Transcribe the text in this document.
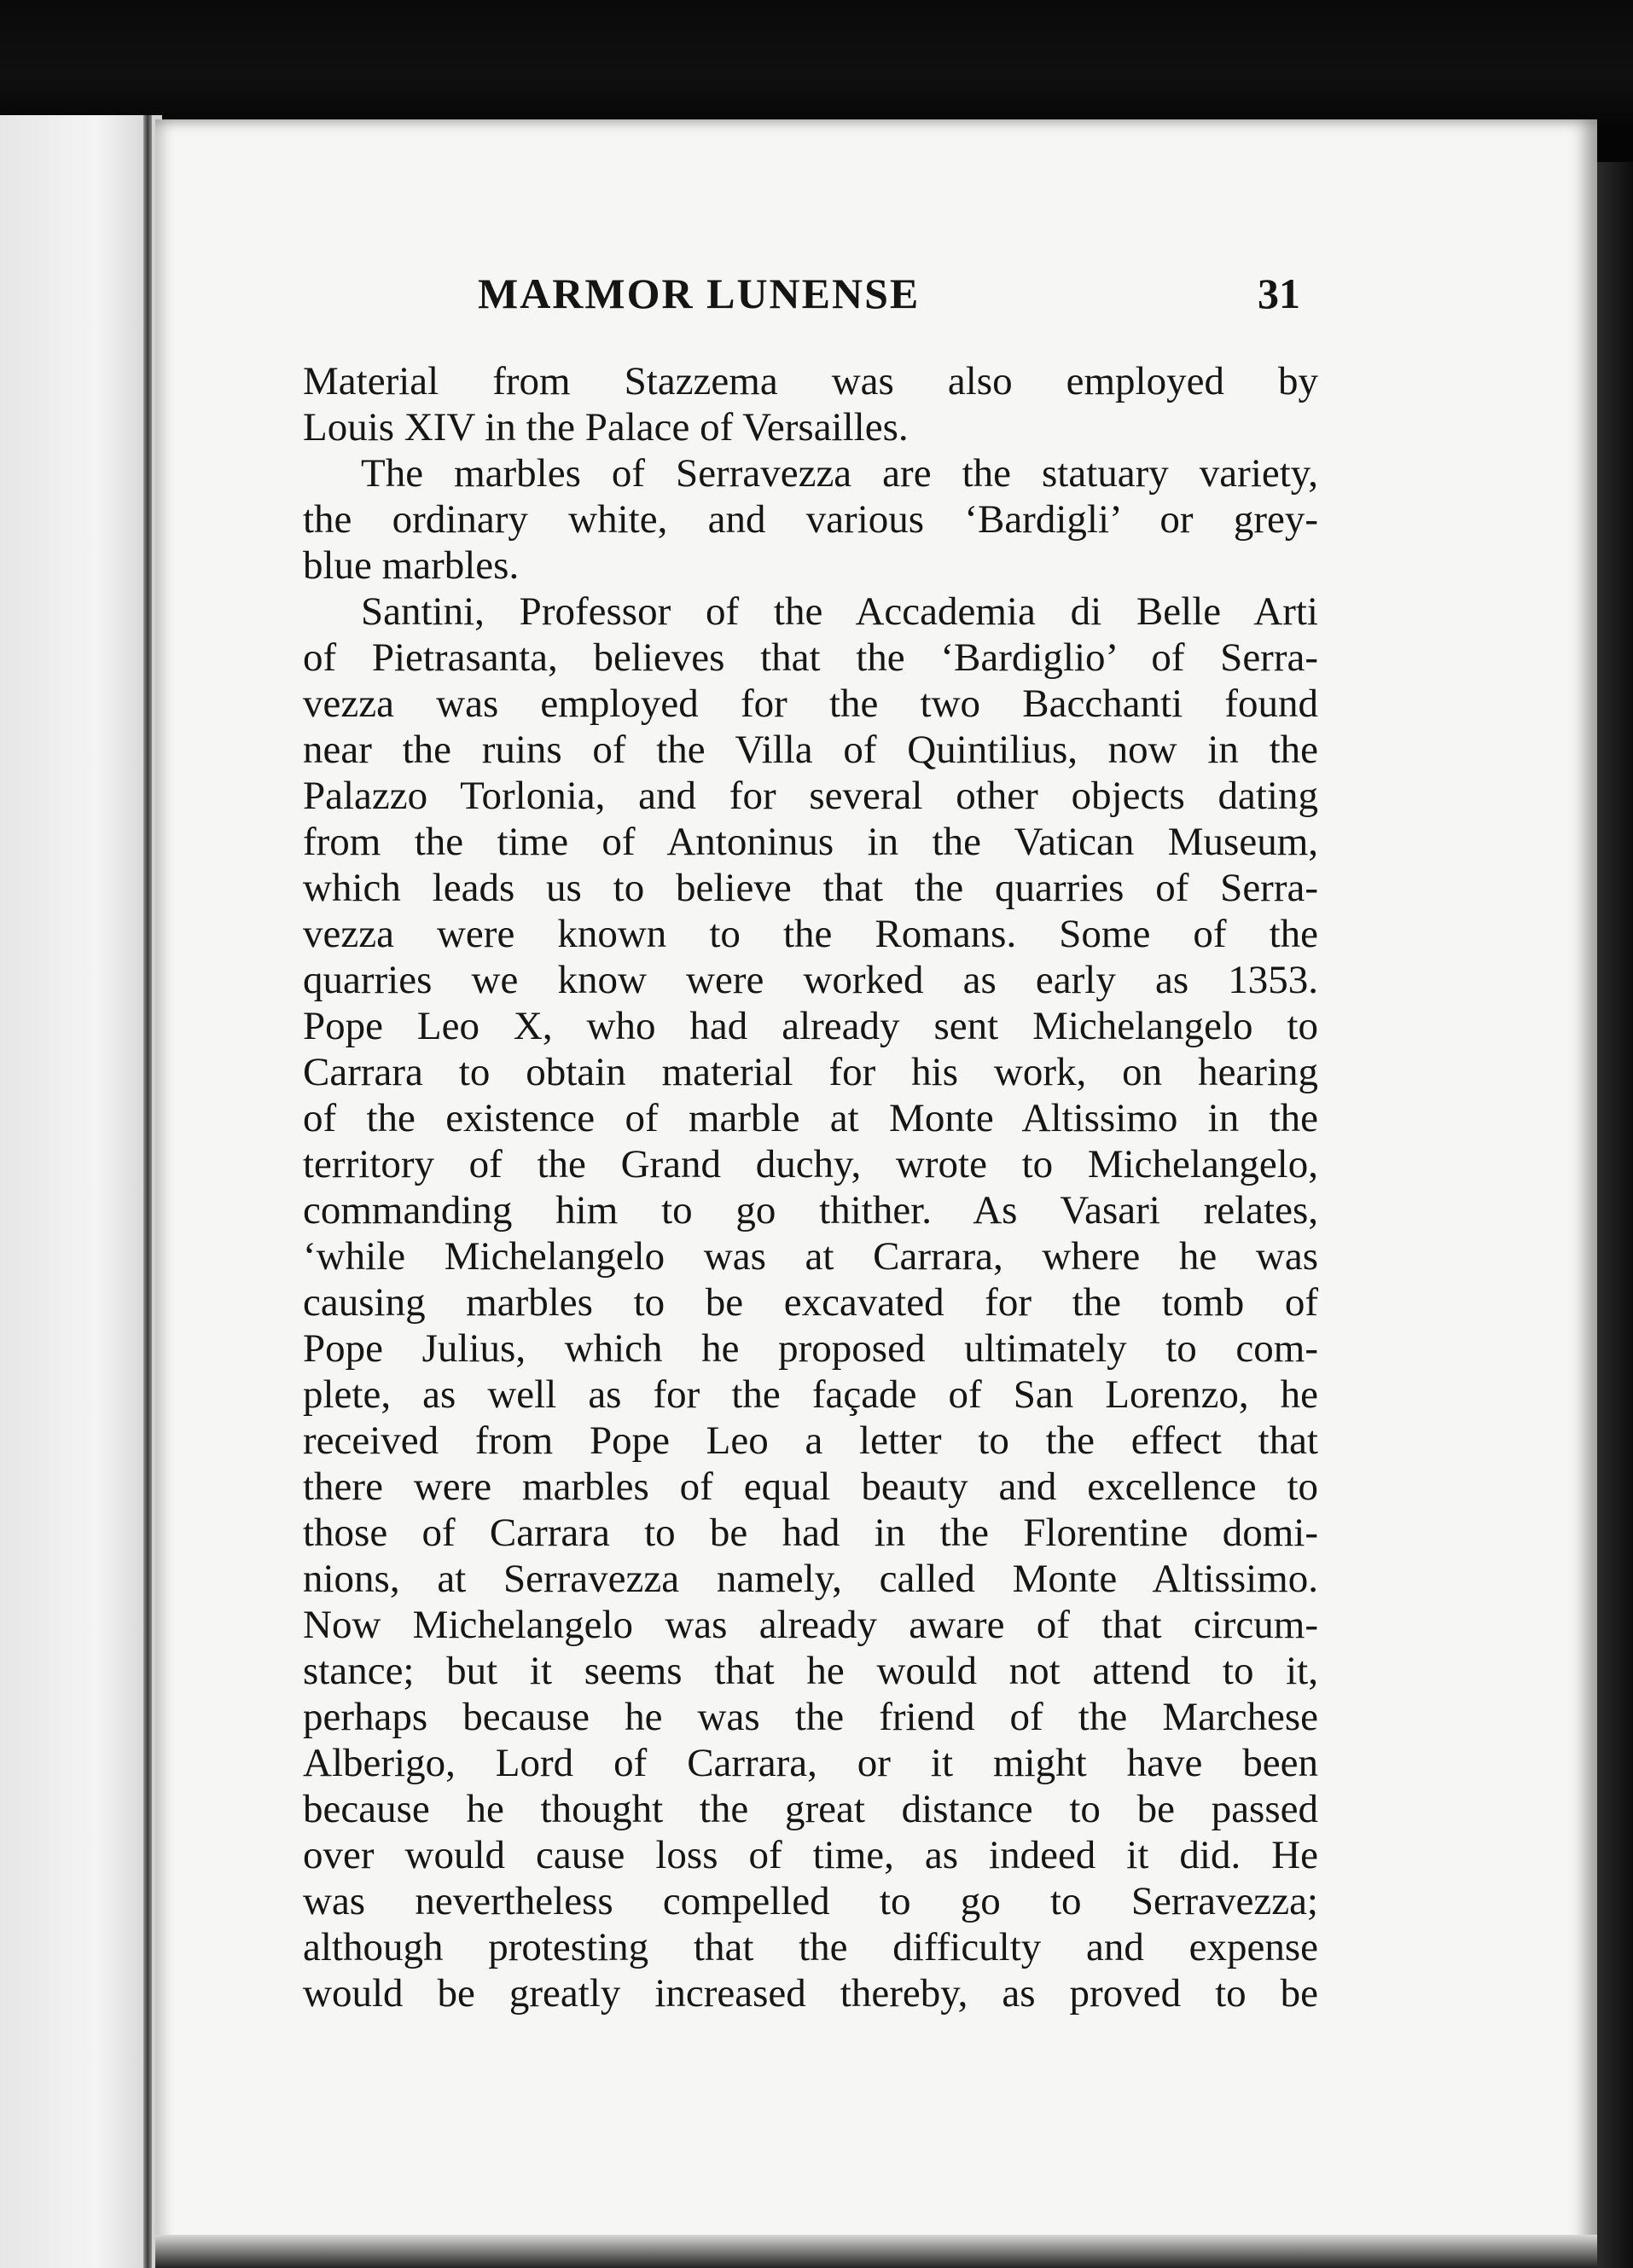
MARMOR LUNENSE	31
Material from Stazzema was also employed by
Louis XIV in the Palace of Versailles.
The marbles of Serravezza are the statuary variety,
the ordinary white, and various ‘Bardigli’ or grey-
blue marbles.
Santini, Professor of the Accademia di Belle Arti
of Pietrasanta, believes that the ‘Bardiglio’ of Serra-
vezza was employed for the two Bacchanti found
near the ruins of the Villa of Quintilius, now in the
Palazzo Torlonia, and for several other objects dating
from the time of Antoninus in the Vatican Museum,
which leads us to believe that the quarries of Serra-
vezza were known to the Romans. Some of the
quarries we know were worked as early as 1353.
Pope Leo X, who had already sent Michelangelo to
Carrara to obtain material for his work, on hearing
of the existence of marble at Monte Altissimo in the
territory of the Grand duchy, wrote to Michelangelo,
commanding him to go thither. As Vasari relates,
‘while Michelangelo was at Carrara, where he was
causing marbles to be excavated for the tomb of
Pope Julius, which he proposed ultimately to com-
plete, as well as for the façade of San Lorenzo, he
received from Pope Leo a letter to the effect that
there were marbles of equal beauty and excellence to
those of Carrara to be had in the Florentine domi-
nions, at Serravezza namely, called Monte Altissimo.
Now Michelangelo was already aware of that circum-
stance; but it seems that he would not attend to it,
perhaps because he was the friend of the Marchese
Alberigo, Lord of Carrara, or it might have been
because he thought the great distance to be passed
over would cause loss of time, as indeed it did. He
was nevertheless compelled to go to Serravezza;
although protesting that the difficulty and expense
would be greatly increased thereby, as proved to be
